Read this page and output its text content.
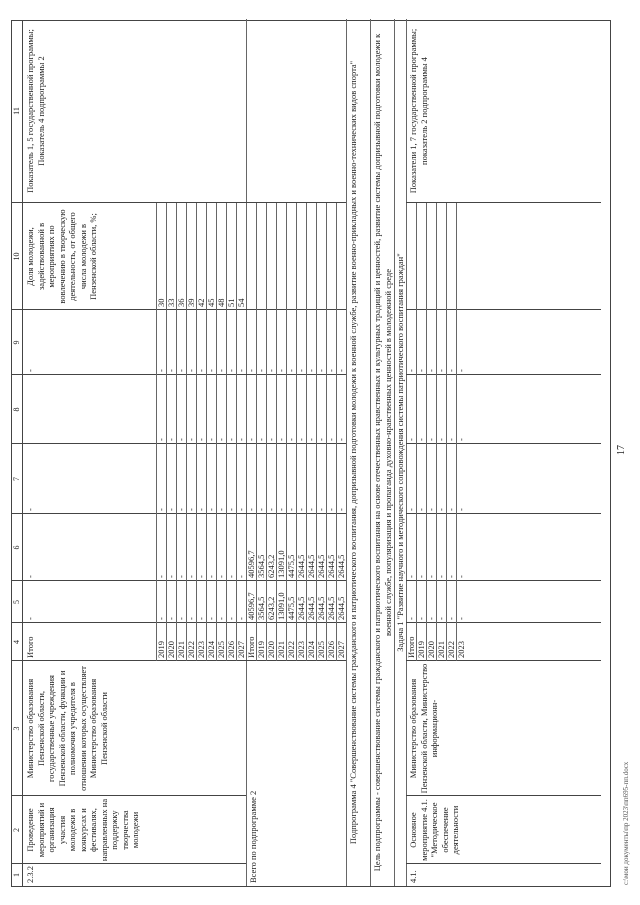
17
1
2
3
4
5
6
7
8
9
10
11
2.3.2
Проведение мероприятий и организация участия молодежи в конкурсах и фестивалях, направленных на поддержку творчества молодежи
Министерство образования Пензенской области, государственные учреждения Пензенской области, функции и полномочия учредителя в отношении которых осуществляет Министерство образования Пензенской области
Итого
-
-
-
-
Доля молодежи, задействованной в мероприятиях по вовлечению в творческую деятельность, от общего числа молодежи в Пензенской области, %;
Показатель 1, 5 государственной программы; Показатель 4 подпрограммы 2
2019
-
-
-
-
-
30
2020
-
-
-
-
-
33
2021
-
-
-
-
-
36
2022
-
-
-
-
-
39
2023
-
-
-
-
-
42
2024
-
-
-
-
-
45
2025
-
-
-
-
-
48
2026
-
-
-
-
-
51
2027
-
-
-
-
-
54
Всего по подпрограмме 2
Итого
40596,7
40596,7
-
-
-
2019
3564,5
3564,5
-
-
-
2020
6243,2
6243,2
-
-
-
2021
13091,0
13091,0
-
-
-
2022
4475,5
4475,5
-
-
-
2023
2644,5
2644,5
-
-
-
2024
2644,5
2644,5
-
-
-
2025
2644,5
2644,5
-
-
-
2026
2644,5
2644,5
-
-
-
2027
2644,5
2644,5
-
-
- Подпрограмма 4 "Совершенствование системы гражданского и патриотического воспитания, допризывной подготовки молодежи к военной службе, развитие военно-прикладных и военно-технических видов спорта" Цель подпрограммы - совершенствование системы гражданского и патриотического воспитания на основе отечественных нравственных и культурных традиций и ценностей, развитие системы допризывной подготовки молодежи к военной службе, популяризация и пропаганда духовно-нравственных ценностей в молодежной среде Задача 1 "Развитие научного и методического сопровождения системы патриотического воспитания граждан"
4.1.
Основное мероприятие 4.1. "Методическое обеспечение деятельности
Министерство образования Пензенской области, Министерство информационн-
Итого
Показатели 1, 7 государственной программы; показатель 2 подпрограммы 4
-
-
-
-
-
2019
-
-
-
-
-
2020
-
-
-
-
-
2021
-
-
-
-
-
2022
-
-
-
-
-
2023
-
-
-
-
-
c:\мои документы\пр 2023\пп695-пп.docx
